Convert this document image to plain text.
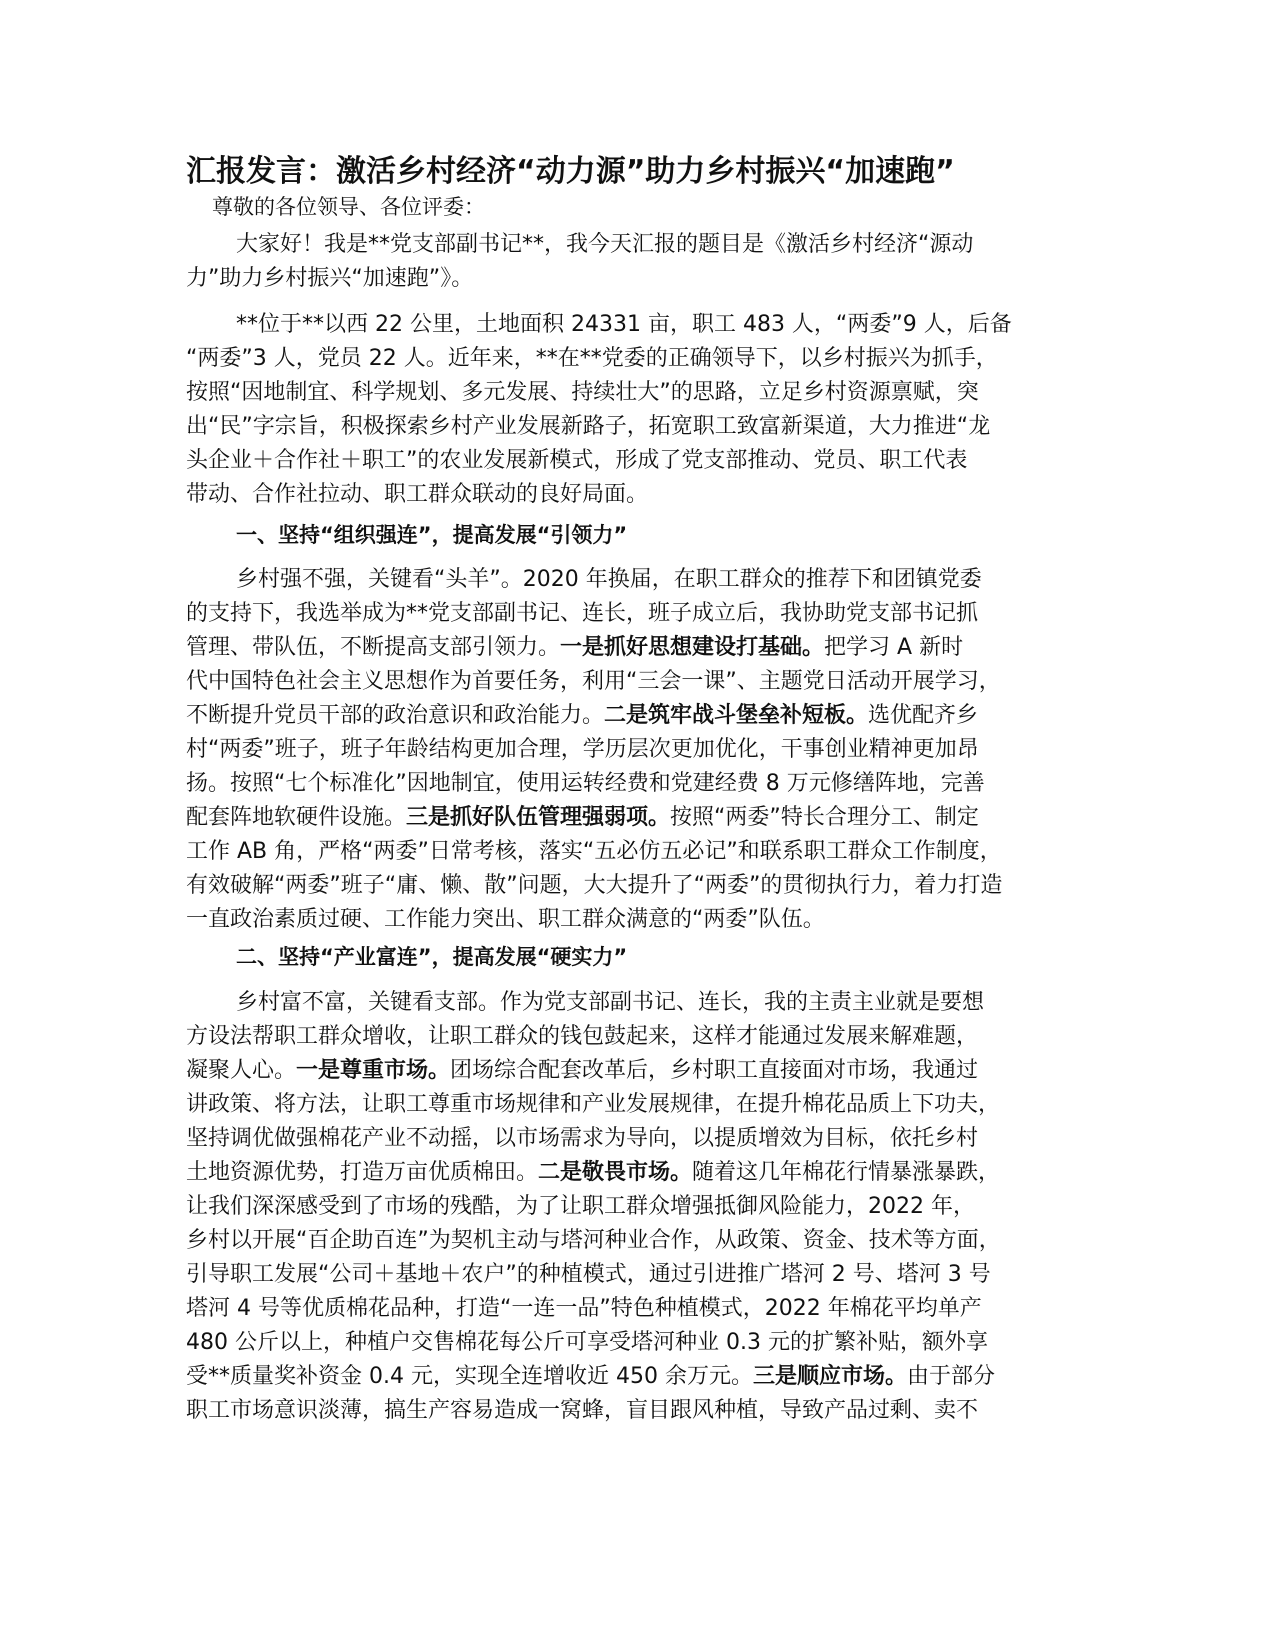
汇报发言：激活乡村经济“动力源”助力乡村振兴“加速跑”
尊敬的各位领导、各位评委：
大家好！我是**党支部副书记**，我今天汇报的题目是《激活乡村经济“源动
力”助力乡村振兴“加速跑”》。
**位于**以西 22 公里，土地面积 24331 亩，职工 483 人，“两委”9 人，后备
“两委”3 人，党员 22 人。近年来，**在**党委的正确领导下，以乡村振兴为抓手，
按照“因地制宜、科学规划、多元发展、持续壮大”的思路，立足乡村资源禀赋，突
出“民”字宗旨，积极探索乡村产业发展新路子，拓宽职工致富新渠道，大力推进“龙
头企业＋合作社＋职工”的农业发展新模式，形成了党支部推动、党员、职工代表
带动、合作社拉动、职工群众联动的良好局面。
一、坚持“组织强连”，提高发展“引领力”
乡村强不强，关键看“头羊”。2020 年换届，在职工群众的推荐下和团镇党委
的支持下，我选举成为**党支部副书记、连长，班子成立后，我协助党支部书记抓
管理、带队伍，不断提高支部引领力。一是抓好思想建设打基础。把学习 A 新时
代中国特色社会主义思想作为首要任务，利用“三会一课”、主题党日活动开展学习，
不断提升党员干部的政治意识和政治能力。二是筑牢战斗堡垒补短板。选优配齐乡
村“两委”班子，班子年龄结构更加合理，学历层次更加优化，干事创业精神更加昂
扬。按照“七个标准化”因地制宜，使用运转经费和党建经费 8 万元修缮阵地，完善
配套阵地软硬件设施。三是抓好队伍管理强弱项。按照“两委”特长合理分工、制定
工作 AB 角，严格“两委”日常考核，落实“五必仿五必记”和联系职工群众工作制度，
有效破解“两委”班子“庸、懒、散”问题，大大提升了“两委”的贯彻执行力，着力打造
一直政治素质过硬、工作能力突出、职工群众满意的“两委”队伍。
二、坚持“产业富连”，提高发展“硬实力”
乡村富不富，关键看支部。作为党支部副书记、连长，我的主责主业就是要想
方设法帮职工群众增收，让职工群众的钱包鼓起来，这样才能通过发展来解难题，
凝聚人心。一是尊重市场。团场综合配套改革后，乡村职工直接面对市场，我通过
讲政策、将方法，让职工尊重市场规律和产业发展规律，在提升棉花品质上下功夫，
坚持调优做强棉花产业不动摇，以市场需求为导向，以提质增效为目标，依托乡村
土地资源优势，打造万亩优质棉田。二是敬畏市场。随着这几年棉花行情暴涨暴跌，
让我们深深感受到了市场的残酷，为了让职工群众增强抵御风险能力，2022 年，
乡村以开展“百企助百连”为契机主动与塔河种业合作，从政策、资金、技术等方面，
引导职工发展“公司＋基地＋农户”的种植模式，通过引进推广塔河 2 号、塔河 3 号
塔河 4 号等优质棉花品种，打造“一连一品”特色种植模式，2022 年棉花平均单产
480 公斤以上，种植户交售棉花每公斤可享受塔河种业 0.3 元的扩繁补贴，额外享
受**质量奖补资金 0.4 元，实现全连增收近 450 余万元。三是顺应市场。由于部分
职工市场意识淡薄，搞生产容易造成一窝蜂，盲目跟风种植，导致产品过剩、卖不
